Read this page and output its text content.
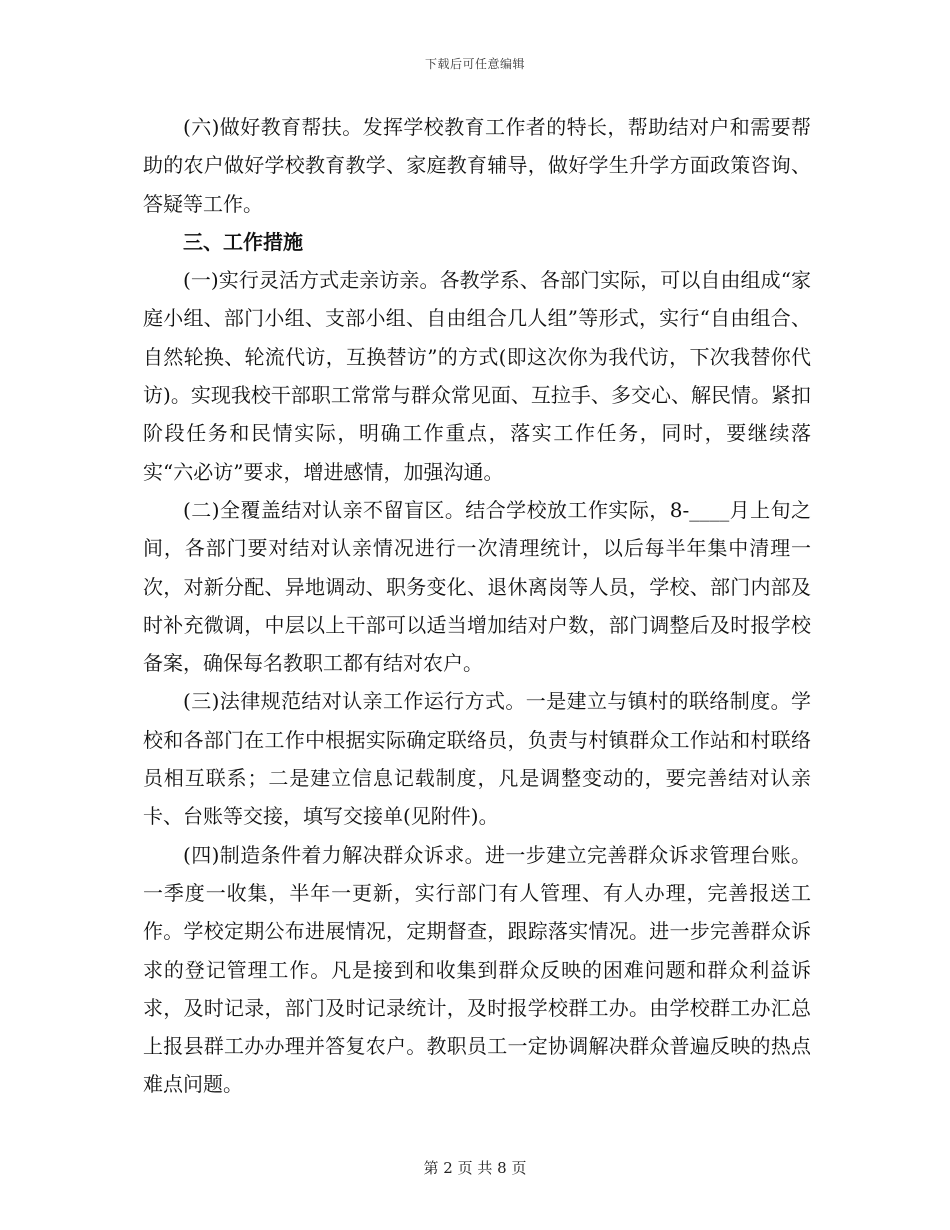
下载后可任意编辑

(六)做好教育帮扶。发挥学校教育工作者的特长，帮助结对户和需要帮助的农户做好学校教育教学、家庭教育辅导，做好学生升学方面政策咨询、答疑等工作。

三、工作措施

(一)实行灵活方式走亲访亲。各教学系、各部门实际，可以自由组成“家庭小组、部门小组、支部小组、自由组合几人组”等形式，实行“自由组合、自然轮换、轮流代访，互换替访”的方式(即这次你为我代访，下次我替你代访)。实现我校干部职工常常与群众常见面、互拉手、多交心、解民情。紧扣阶段任务和民情实际，明确工作重点，落实工作任务，同时，要继续落实“六必访”要求，增进感情，加强沟通。

(二)全覆盖结对认亲不留盲区。结合学校放工作实际，8-____月上旬之间，各部门要对结对认亲情况进行一次清理统计，以后每半年集中清理一次，对新分配、异地调动、职务变化、退休离岗等人员，学校、部门内部及时补充微调，中层以上干部可以适当增加结对户数，部门调整后及时报学校备案，确保每名教职工都有结对农户。

(三)法律规范结对认亲工作运行方式。一是建立与镇村的联络制度。学校和各部门在工作中根据实际确定联络员，负责与村镇群众工作站和村联络员相互联系；二是建立信息记载制度，凡是调整变动的，要完善结对认亲卡、台账等交接，填写交接单(见附件)。

(四)制造条件着力解决群众诉求。进一步建立完善群众诉求管理台账。一季度一收集，半年一更新，实行部门有人管理、有人办理，完善报送工作。学校定期公布进展情况，定期督查，跟踪落实情况。进一步完善群众诉求的登记管理工作。凡是接到和收集到群众反映的困难问题和群众利益诉求，及时记录，部门及时记录统计，及时报学校群工办。由学校群工办汇总上报县群工办办理并答复农户。教职员工一定协调解决群众普遍反映的热点难点问题。

第 2 页 共 8 页
